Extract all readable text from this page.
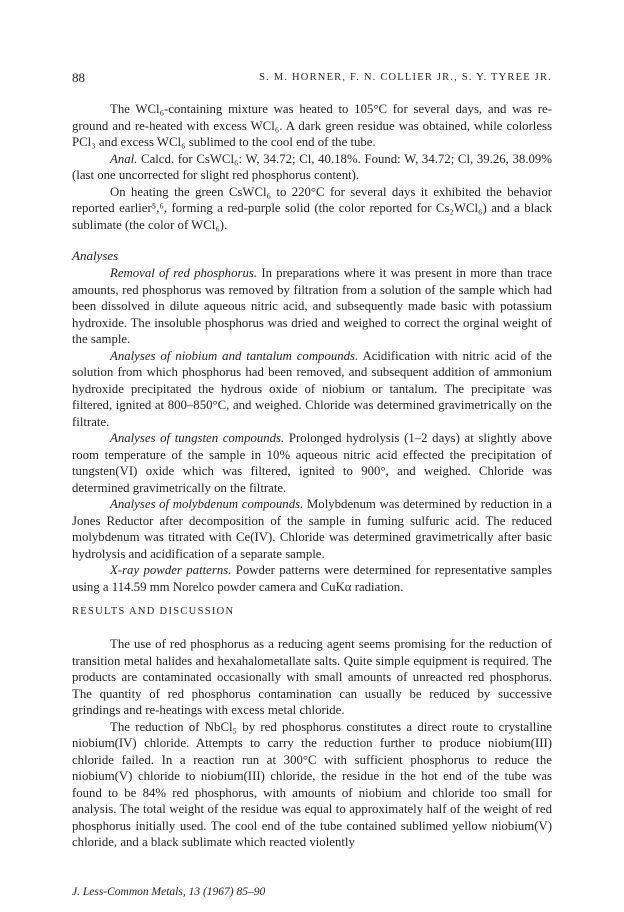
88	S. M. HORNER, F. N. COLLIER JR., S. Y. TYREE JR.

The WCl₆-containing mixture was heated to 105°C for several days, and was re-ground and re-heated with excess WCl₆. A dark green residue was obtained, while colorless PCl₃ and excess WCl₆ sublimed to the cool end of the tube.

Anal. Calcd. for CsWCl₆: W, 34.72; Cl, 40.18%. Found: W, 34.72; Cl, 39.26, 38.09% (last one uncorrected for slight red phosphorus content).

On heating the green CsWCl₆ to 220°C for several days it exhibited the behavior reported earlier⁵,⁶, forming a red-purple solid (the color reported for Cs₂WCl₆) and a black sublimate (the color of WCl₆).

Analyses

Removal of red phosphorus. In preparations where it was present in more than trace amounts, red phosphorus was removed by filtration from a solution of the sample which had been dissolved in dilute aqueous nitric acid, and subsequently made basic with potassium hydroxide. The insoluble phosphorus was dried and weighed to correct the orginal weight of the sample.

Analyses of niobium and tantalum compounds. Acidification with nitric acid of the solution from which phosphorus had been removed, and subsequent addition of ammonium hydroxide precipitated the hydrous oxide of niobium or tantalum. The precipitate was filtered, ignited at 800–850°C, and weighed. Chloride was determined gravimetrically on the filtrate.

Analyses of tungsten compounds. Prolonged hydrolysis (1–2 days) at slightly above room temperature of the sample in 10% aqueous nitric acid effected the precipitation of tungsten(VI) oxide which was filtered, ignited to 900°, and weighed. Chloride was determined gravimetrically on the filtrate.

Analyses of molybdenum compounds. Molybdenum was determined by reduction in a Jones Reductor after decomposition of the sample in fuming sulfuric acid. The reduced molybdenum was titrated with Ce(IV). Chloride was determined gravimetrically after basic hydrolysis and acidification of a separate sample.

X-ray powder patterns. Powder patterns were determined for representative samples using a 114.59 mm Norelco powder camera and CuKα radiation.

RESULTS AND DISCUSSION

The use of red phosphorus as a reducing agent seems promising for the reduction of transition metal halides and hexahalometallate salts. Quite simple equipment is required. The products are contaminated occasionally with small amounts of unreacted red phosphorus. The quantity of red phosphorus contamination can usually be reduced by successive grindings and re-heatings with excess metal chloride.

The reduction of NbCl₅ by red phosphorus constitutes a direct route to crystalline niobium(IV) chloride. Attempts to carry the reduction further to produce niobium(III) chloride failed. In a reaction run at 300°C with sufficient phosphorus to reduce the niobium(V) chloride to niobium(III) chloride, the residue in the hot end of the tube was found to be 84% red phosphorus, with amounts of niobium and chloride too small for analysis. The total weight of the residue was equal to approximately half of the weight of red phosphorus initially used. The cool end of the tube contained sublimed yellow niobium(V) chloride, and a black sublimate which reacted violently

J. Less-Common Metals, 13 (1967) 85–90
